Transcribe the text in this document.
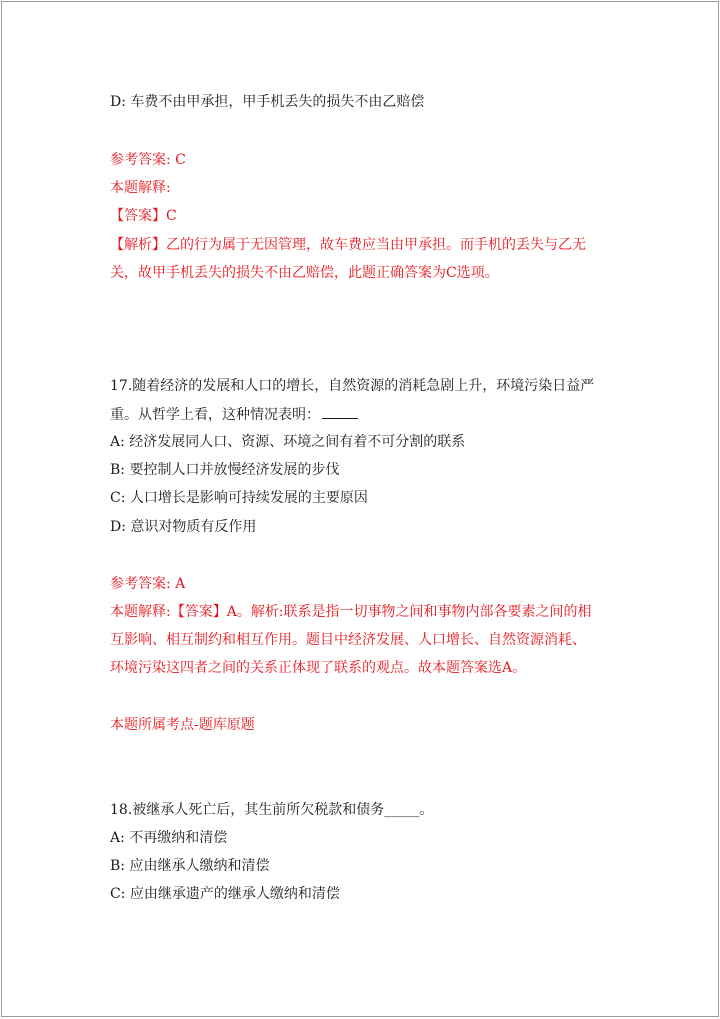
D: 车费不由甲承担，甲手机丢失的损失不由乙赔偿
参考答案: C
本题解释:
【答案】C
【解析】乙的行为属于无因管理，故车费应当由甲承担。而手机的丢失与乙无
关，故甲手机丢失的损失不由乙赔偿，此题正确答案为C选项。
17.随着经济的发展和人口的增长，自然资源的消耗急剧上升，环境污染日益严
重。从哲学上看，这种情况表明：
A: 经济发展同人口、资源、环境之间有着不可分割的联系
B: 要控制人口并放慢经济发展的步伐
C: 人口增长是影响可持续发展的主要原因
D: 意识对物质有反作用
参考答案: A
本题解释:【答案】A。解析:联系是指一切事物之间和事物内部各要素之间的相
互影响、相互制约和相互作用。题目中经济发展、人口增长、自然资源消耗、
环境污染这四者之间的关系正体现了联系的观点。故本题答案选A。
本题所属考点-题库原题
18.被继承人死亡后，其生前所欠税款和债务_____。
A: 不再缴纳和清偿
B: 应由继承人缴纳和清偿
C: 应由继承遗产的继承人缴纳和清偿
